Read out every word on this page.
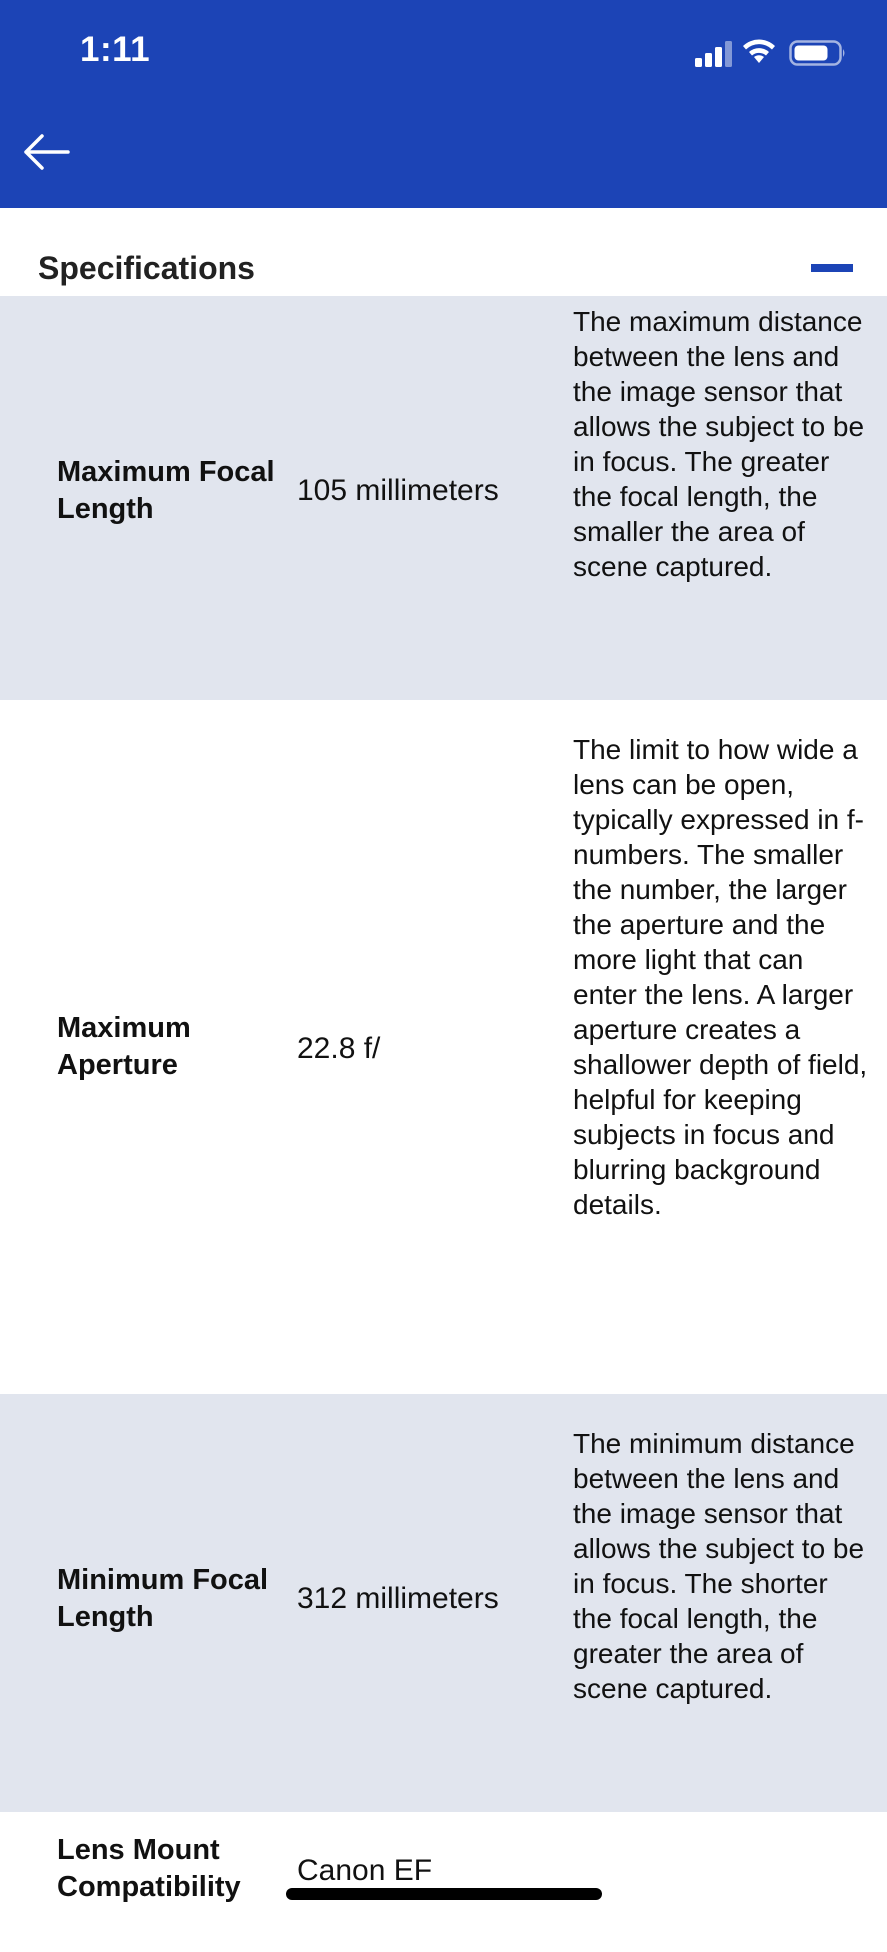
1:11
Specifications
Maximum Focal Length
105 millimeters
The maximum distance between the lens and the image sensor that allows the subject to be in focus. The greater the focal length, the smaller the area of scene captured.
Maximum Aperture	22.8 f/
The limit to how wide a lens can be open, typically expressed in f-numbers. The smaller the number, the larger the aperture and the more light that can enter the lens. A larger aperture creates a shallower depth of field, helpful for keeping subjects in focus and blurring background details.
Minimum Focal Length
312 millimeters
The minimum distance between the lens and the image sensor that allows the subject to be in focus. The shorter the focal length, the greater the area of scene captured.
Lens Mount Compatibility	Canon EF
